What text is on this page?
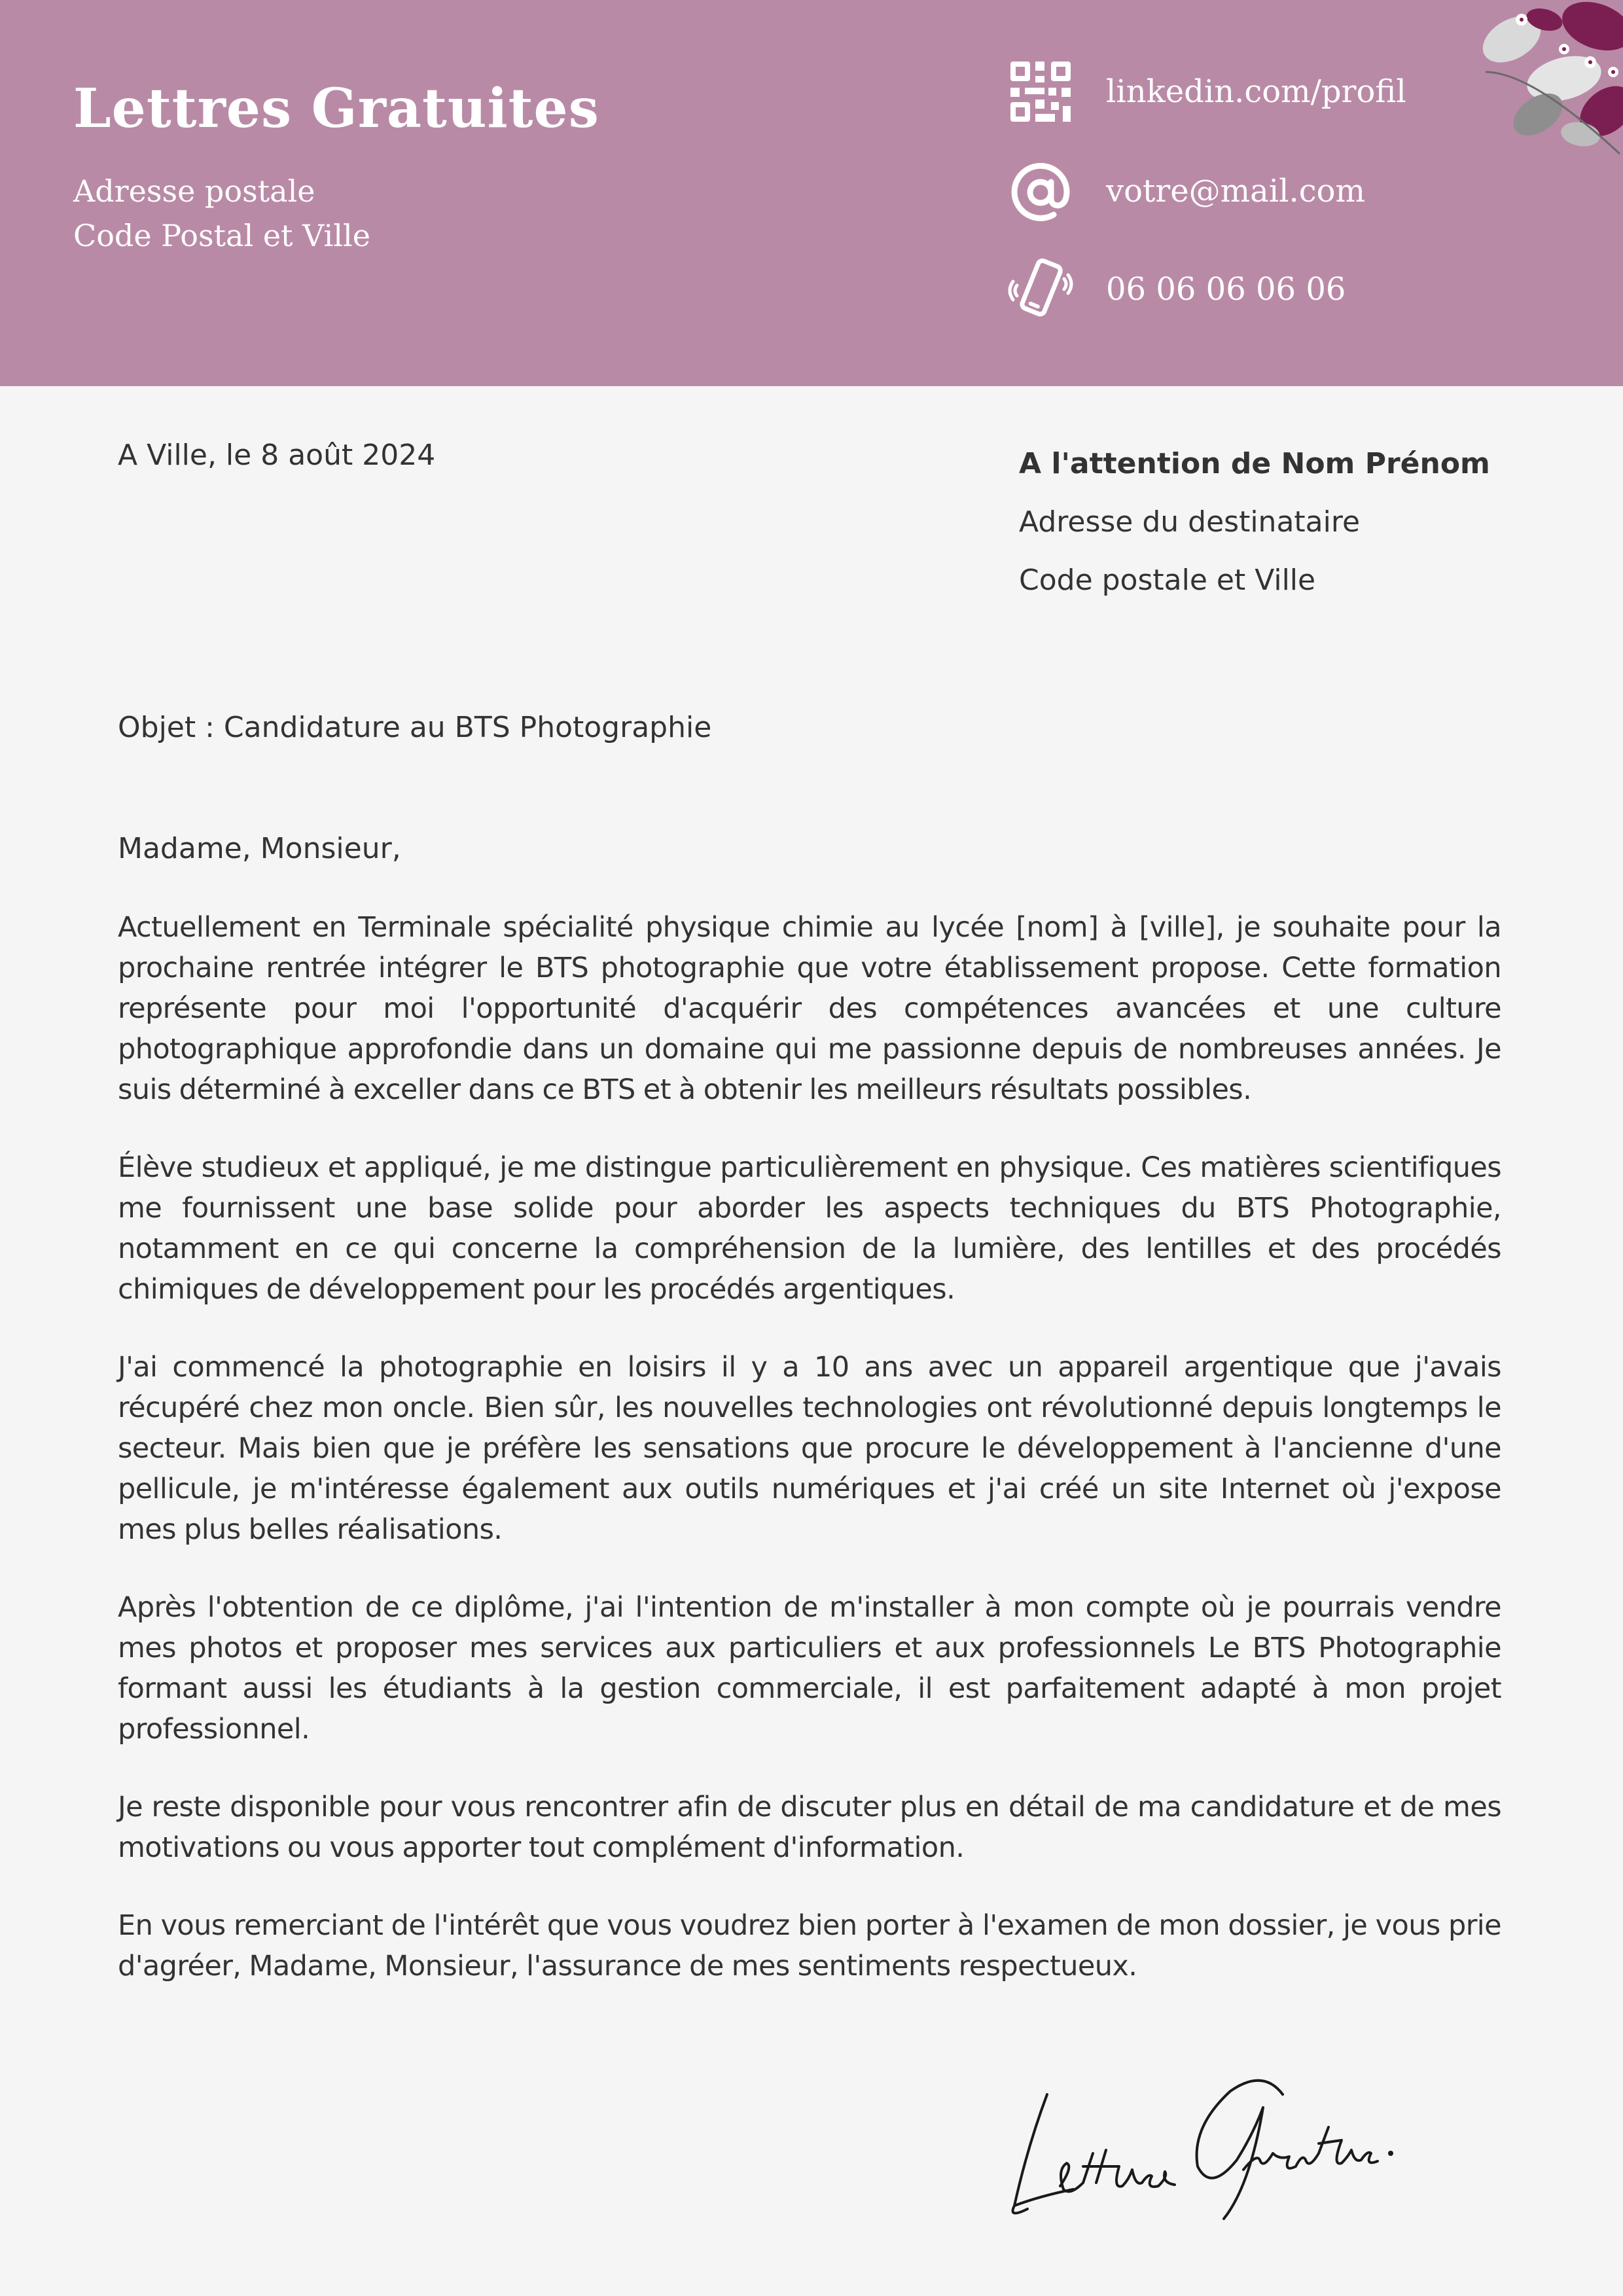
Lettres Gratuites
Adresse postale
Code Postal et Ville
linkedin.com/profil
votre@mail.com
06 06 06 06 06
A Ville, le 8 août 2024	A l'attention de Nom Prénom
Adresse du destinataire
Code postale et Ville
Objet : Candidature au BTS Photographie

Madame, Monsieur,

Actuellement en Terminale spécialité physique chimie au lycée [nom] à [ville], je souhaite pour la prochaine rentrée intégrer le BTS photographie que votre établissement propose. Cette formation représente pour moi l'opportunité d'acquérir des compétences avancées et une culture photographique approfondie dans un domaine qui me passionne depuis de nombreuses années. Je suis déterminé à exceller dans ce BTS et à obtenir les meilleurs résultats possibles.

Élève studieux et appliqué, je me distingue particulièrement en physique. Ces matières scientifiques me fournissent une base solide pour aborder les aspects techniques du BTS Photographie, notamment en ce qui concerne la compréhension de la lumière, des lentilles et des procédés chimiques de développement pour les procédés argentiques.

J'ai commencé la photographie en loisirs il y a 10 ans avec un appareil argentique que j'avais récupéré chez mon oncle. Bien sûr, les nouvelles technologies ont révolutionné depuis longtemps le secteur. Mais bien que je préfère les sensations que procure le développement à l'ancienne d'une pellicule, je m'intéresse également aux outils numériques et j'ai créé un site Internet où j'expose mes plus belles réalisations.

Après l'obtention de ce diplôme, j'ai l'intention de m'installer à mon compte où je pourrais vendre mes photos et proposer mes services aux particuliers et aux professionnels Le BTS Photographie formant aussi les étudiants à la gestion commerciale, il est parfaitement adapté à mon projet professionnel.

Je reste disponible pour vous rencontrer afin de discuter plus en détail de ma candidature et de mes motivations ou vous apporter tout complément d'information.

En vous remerciant de l'intérêt que vous voudrez bien porter à l'examen de mon dossier, je vous prie d'agréer, Madame, Monsieur, l'assurance de mes sentiments respectueux.
